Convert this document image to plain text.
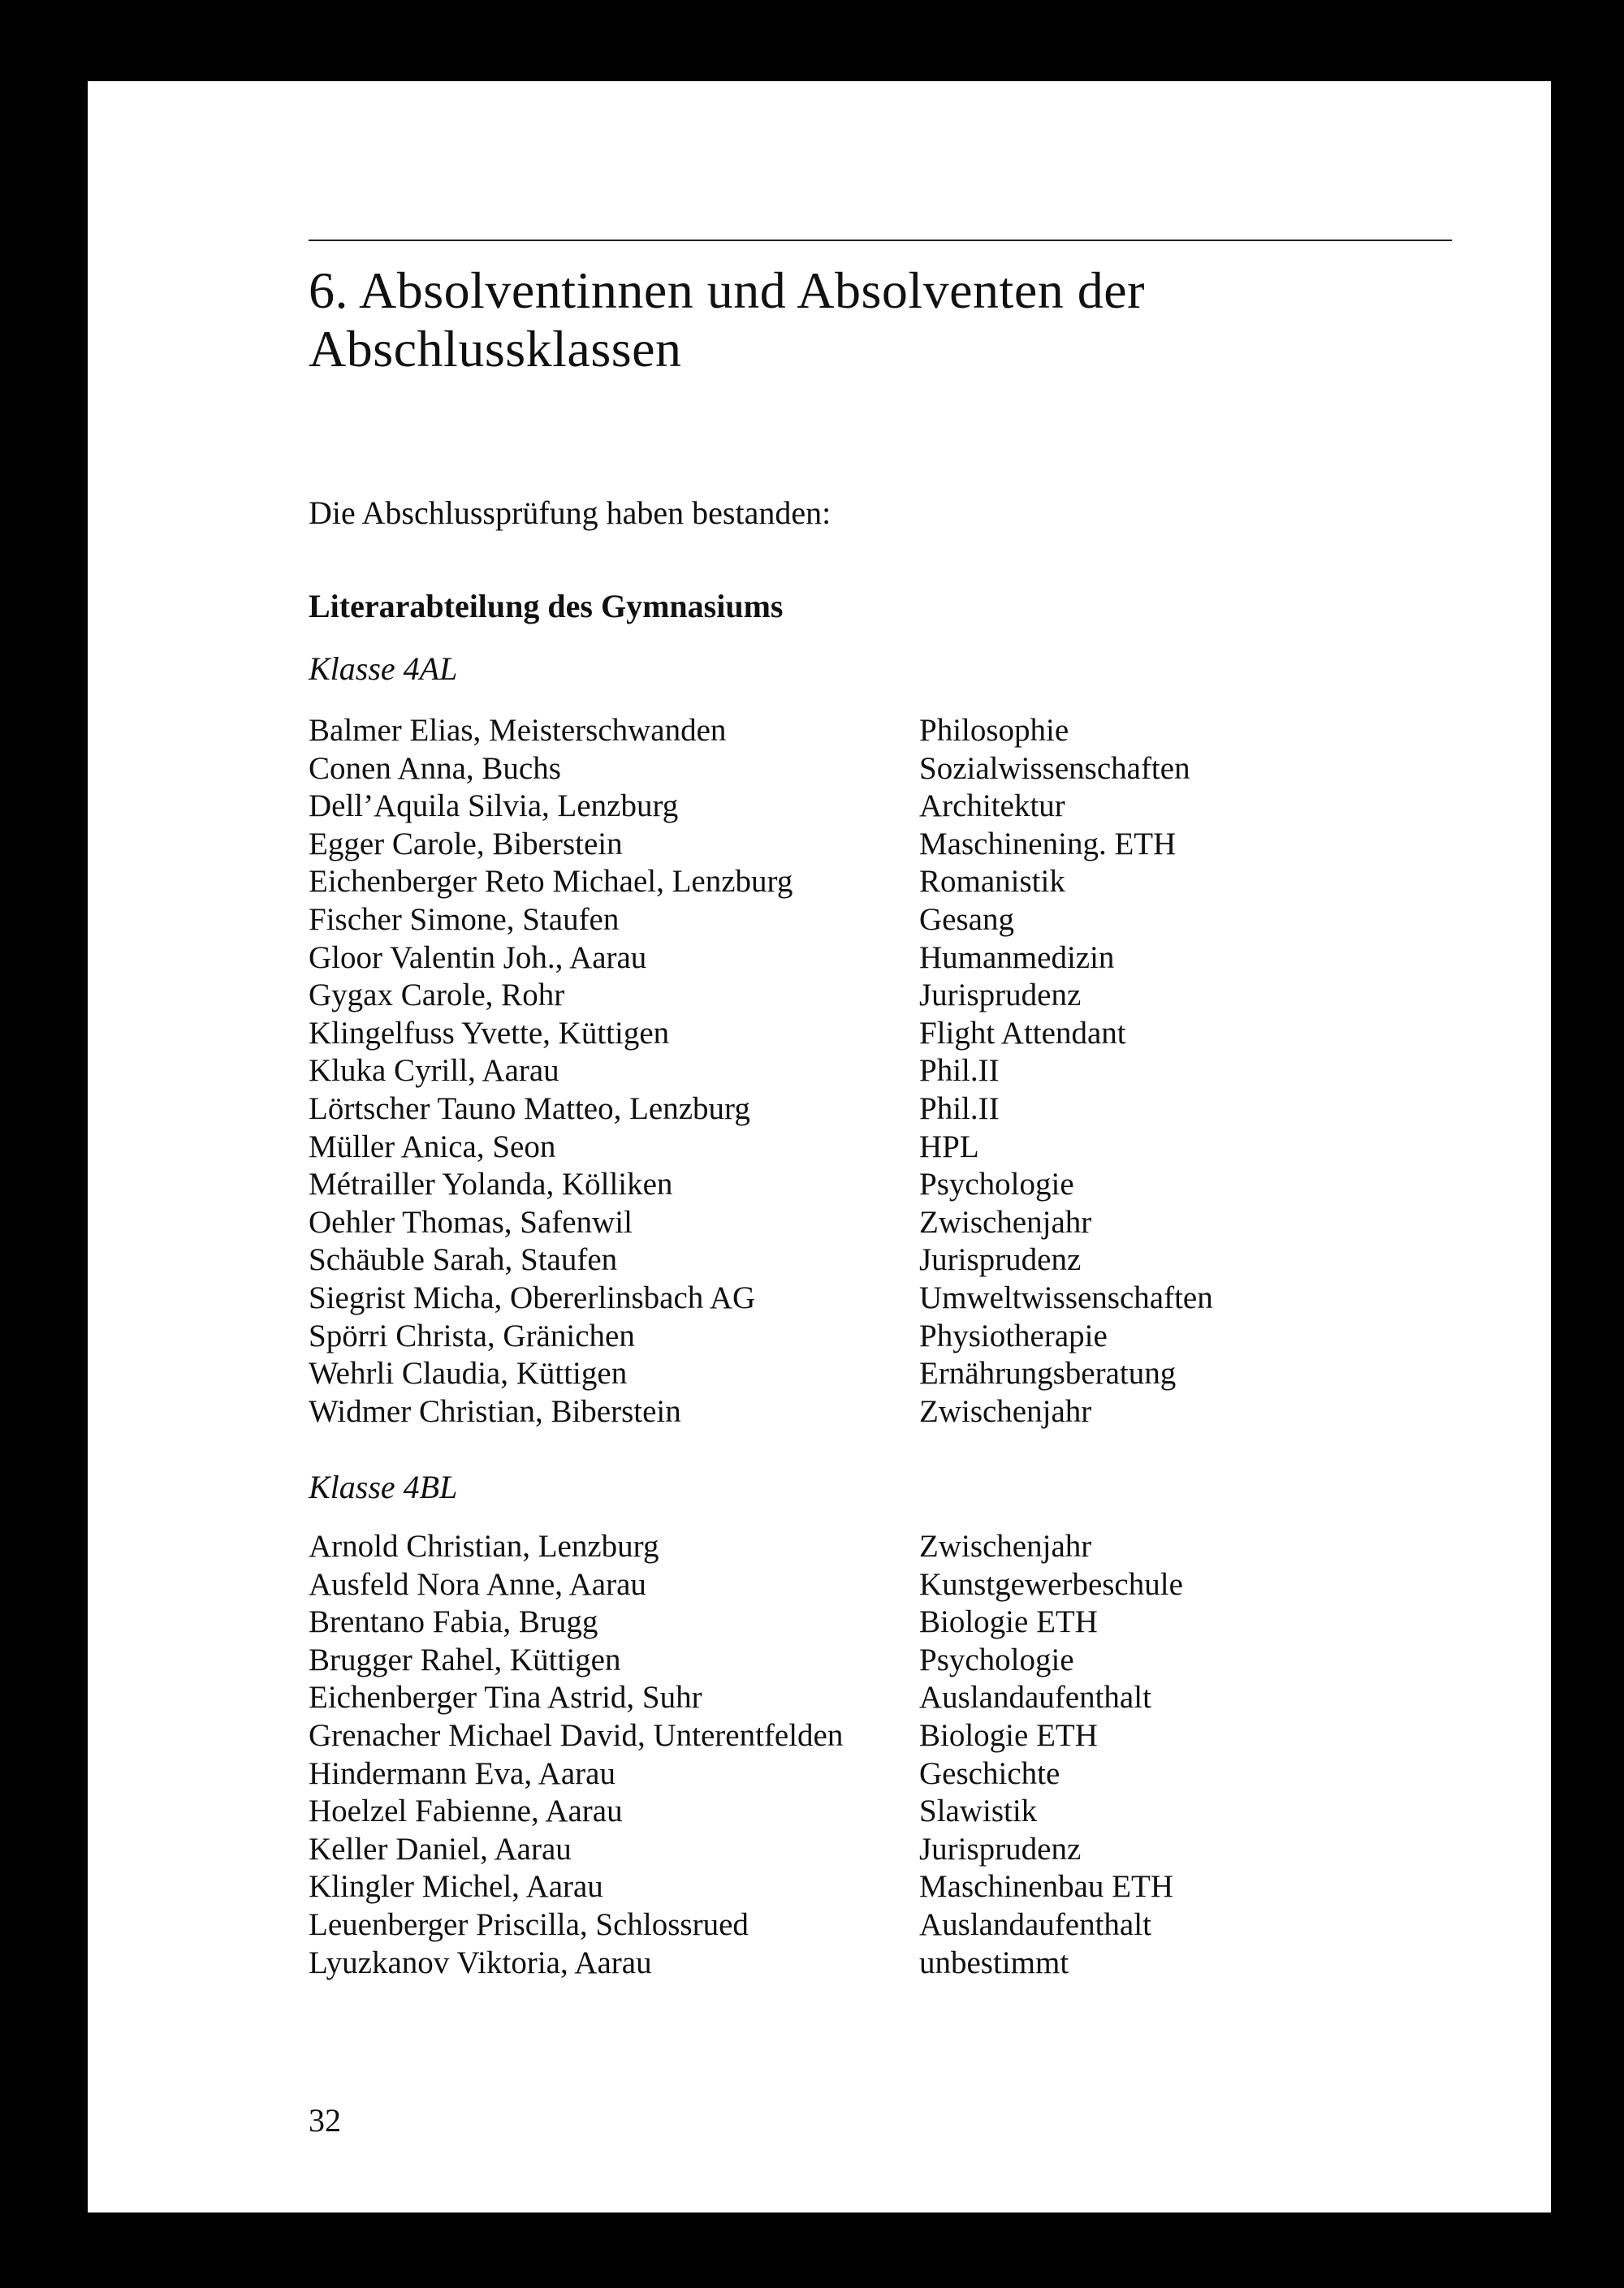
6. Absolventinnen und Absolventen der
Abschlussklassen

Die Abschlussprüfung haben bestanden:

Literarabteilung des Gymnasiums
Klasse 4AL
Balmer Elias, Meisterschwanden	Philosophie
Conen Anna, Buchs	Sozialwissenschaften
Dell’Aquila Silvia, Lenzburg	Architektur
Egger Carole, Biberstein	Maschinening. ETH
Eichenberger Reto Michael, Lenzburg	Romanistik
Fischer Simone, Staufen	Gesang
Gloor Valentin Joh., Aarau	Humanmedizin
Gygax Carole, Rohr	Jurisprudenz
Klingelfuss Yvette, Küttigen	Flight Attendant
Kluka Cyrill, Aarau	Phil.II
Lörtscher Tauno Matteo, Lenzburg	Phil.II
Müller Anica, Seon	HPL
Métrailler Yolanda, Kölliken	Psychologie
Oehler Thomas, Safenwil	Zwischenjahr
Schäuble Sarah, Staufen	Jurisprudenz
Siegrist Micha, Obererlinsbach AG	Umweltwissenschaften
Spörri Christa, Gränichen	Physiotherapie
Wehrli Claudia, Küttigen	Ernährungsberatung
Widmer Christian, Biberstein	Zwischenjahr
Klasse 4BL
Arnold Christian, Lenzburg	Zwischenjahr
Ausfeld Nora Anne, Aarau	Kunstgewerbeschule
Brentano Fabia, Brugg	Biologie ETH
Brugger Rahel, Küttigen	Psychologie
Eichenberger Tina Astrid, Suhr	Auslandaufenthalt
Grenacher Michael David, Unterentfelden Biologie ETH
Hindermann Eva, Aarau	Geschichte
Hoelzel Fabienne, Aarau	Slawistik
Keller Daniel, Aarau	Jurisprudenz
Klingler Michel, Aarau	Maschinenbau ETH
Leuenberger Priscilla, Schlossrued	Auslandaufenthalt
Lyuzkanov Viktoria, Aarau	unbestimmt

32
